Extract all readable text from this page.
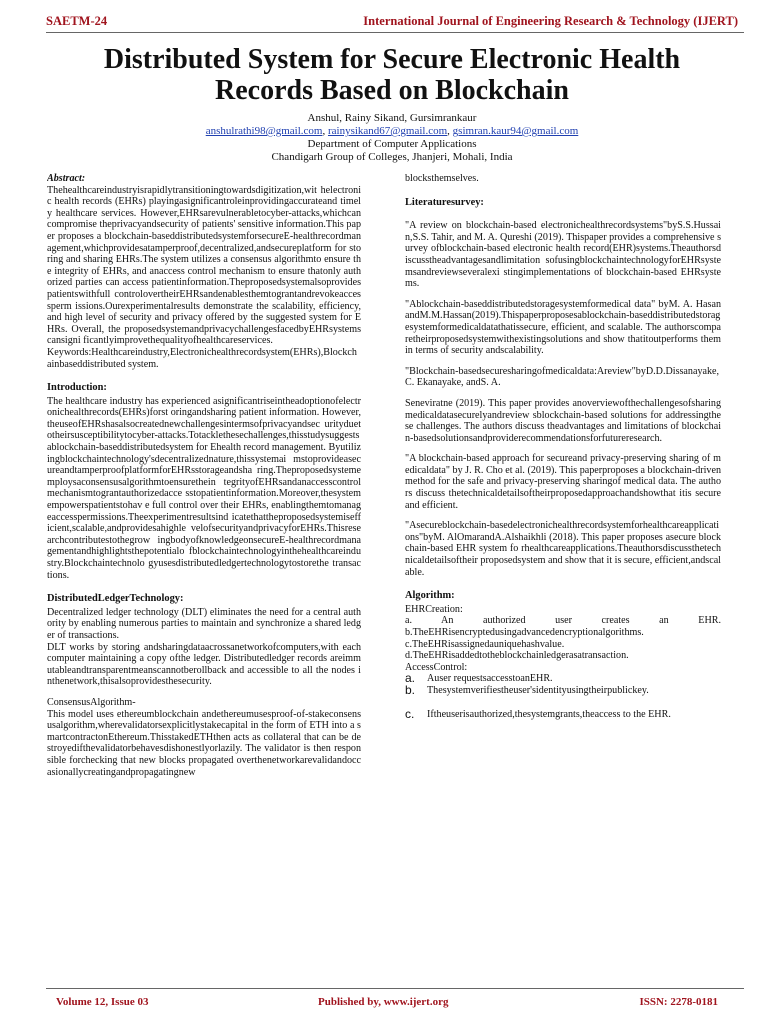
SAETM-24	International Journal of Engineering Research & Technology (IJERT)
Distributed System for Secure Electronic Health
Records Based on Blockchain
Anshul, Rainy Sikand, Gursimrankaur
anshulrathi98@gmail.com, rainysikand67@gmail.com, gsimran.kaur94@gmail.com
Department of Computer Applications
Chandigarh Group of Colleges, Jhanjeri, Mohali, India
Abstract:

Thehealthcareindustryisrapidlytransitioningtowardsdigitization,wit helectronic health records (EHRs) playingasignificantroleinprovidingaccurateand timely healthcare services. However,EHRsarevulnerabletocyber-attacks,whichcancompromise theprivacyandsecurity of patients' sensitive information.This paper proposes a blockchain-baseddistributedsystemforsecureE-healthrecordmanagement,whichprovidesatamperproof,decentralized,andsecureplatform for storing and sharing EHRs.The system utilizes a consensus algorithmto ensure the integrity of EHRs, and anaccess control mechanism to ensure thatonly authorized parties can access patientinformation.Theproposedsystemalsoprovidespatientswithfull controlovertheirEHRsandenablesthemtograntandrevokeaccessperm issions.Ourexperimentalresults demonstrate the scalability, efficiency, and high level of security and privacy offered by the suggested system for EHRs. Overall, the proposedsystemandprivacychallengesfacedbyEHRsystemscansigni ficantlyimprovethequalityofhealthcareservices.

Keywords:Healthcareindustry,Electronichealthrecordsystem(EHRs),Blockchainbaseddistributed system.

Introduction:

The healthcare industry has experienced asignificantriseintheadoptionofelectronichealthrecords(EHRs)forst oringandsharing patient information. However, theuseofEHRshasalsocreatednewchallengesintermsofprivacyandsec urityduetotheirsusceptibilitytocyber-attacks.Totacklethesechallenges,thisstudysuggestsablockchain-baseddistributedsystem for Ehealth record management. Byutilizingblockchaintechnology'sdecentralizednature,thissystemai mstoprovideasecureandtamperproofplatformforEHRsstorageandsha ring.Theproposedsystememploysaconsensusalgorithmtoensurethein tegrityofEHRsandanaccesscontrolmechanismtograntauthorizedacce sstopatientinformation.Moreover,thesystemempowerspatientstohav e full control over their EHRs, enablingthemtomanageaccesspermissions.Theexperimentresultsind icatethattheproposedsystemisefficient,scalable,andprovidesahighle velofsecurityandprivacyforEHRs.Thisresearchcontributestothegrow ingbodyofknowledgeonsecureE-healthrecordmanagementandhighlightsthepotentialo fblockchaintechnologyinthehealthcareindustry.Blockchaintechnolo gyusesdistributedledgertechnologytostorethe transactions.

DistributedLedgerTechnology:

Decentralized ledger technology (DLT) eliminates the need for a central authority by enabling numerous parties to maintain and synchronize a shared ledger of transactions.

DLT works by storing andsharingdataacrossanetworkofcomputers,with each computer maintaining a copy ofthe ledger. Distributedledger records areimmutableandtransparentmeanscannotberollback and accessible to all the nodes inthenetwork,thisalsoprovidesthesecurity.

ConsensusAlgorithm-

This model uses ethereumblockchain andethereumusesproof-of-stakeconsensusalgorithm,wherevalidatorsexplicitlystakecapital in the form of ETH into a smartcontractonEthereum.ThisstakedETHthen acts as collateral that can be destroyedifthevalidatorbehavesdishonestlyorlazily. The validator is then responsible forchecking that new blocks propagated overthenetworkarevalidandoccasionallycreatingandpropagatingnew

blocksthemselves.

Literaturesurvey:

"A review on blockchain-based electronichealthrecordsystems"byS.S.Hussain,S.S. Tahir, and M. A. Qureshi (2019). Thispaper provides a comprehensive survey ofblockchain-based electronic health record(EHR)systems.Theauthorsdiscusstheadvantagesandlimitation sofusingblockchaintechnologyforEHRsystemsandreviewseveralexi stingimplementations of blockchain-based EHRsystems.

"Ablockchain-baseddistributedstoragesystemformedical data" byM. A. HasanandM.M.Hassan(2019).Thispaperproposesablockchain-baseddistributedstoragesystemformedicaldatathatissecure, efficient, and scalable. The authorscomparetheirproposedsystemwithexistingsolutions and show thatitoutperforms them in terms of security andscalability.

"Blockchain-basedsecuresharingofmedicaldata:Areview"byD.D.Dissanayake,C. Ekanayake, andS. A.

Seneviratne (2019). This paper provides anoverviewofthechallengesofsharingmedicaldatasecurelyandreview sblockchain-based solutions for addressingthese challenges. The authors discuss theadvantages and limitations of blockchain-basedsolutionsandproviderecommendationsforfutureresearch.

"A blockchain-based approach for secureand privacy-preserving sharing of medicaldata" by J. R. Cho et al. (2019). This paperproposes a blockchain-driven method for the safe and privacy-preserving sharingof medical data. The authors discuss thetechnicaldetailsoftheirproposedapproachandshowthat itis secureand efficient.

"Asecureblockchain-basedelectronichealthrecordsystemforhealthcareapplications"byM. AlOmarandA.Alshaikhli (2018). This paper proposes asecure blockchain-based EHR system fo rhealthcareapplications.Theauthorsdiscussthetechnicaldetailsoftheir proposedsystem and show that it is secure, efficient,andscalable.

Algorithm:
EHRCreation:
a. An authorized user creates an EHR. b.TheEHRisencryptedusingadvancedencryptionalgorithms.
c.TheEHRisassignedauniquehashvalue.
d.TheEHRisaddedtotheblockchainledgerasatransaction.
AccessControl:
a.	Auser requestsaccesstoanEHR.
b.	Thesystemverifiestheuser'sidentityusingtheirpublickey.
c.	Iftheuserisauthorized,thesystemgrants,theaccess to the EHR.
Volume 12, Issue 03	Published by, www.ijert.org	ISSN: 2278-0181
